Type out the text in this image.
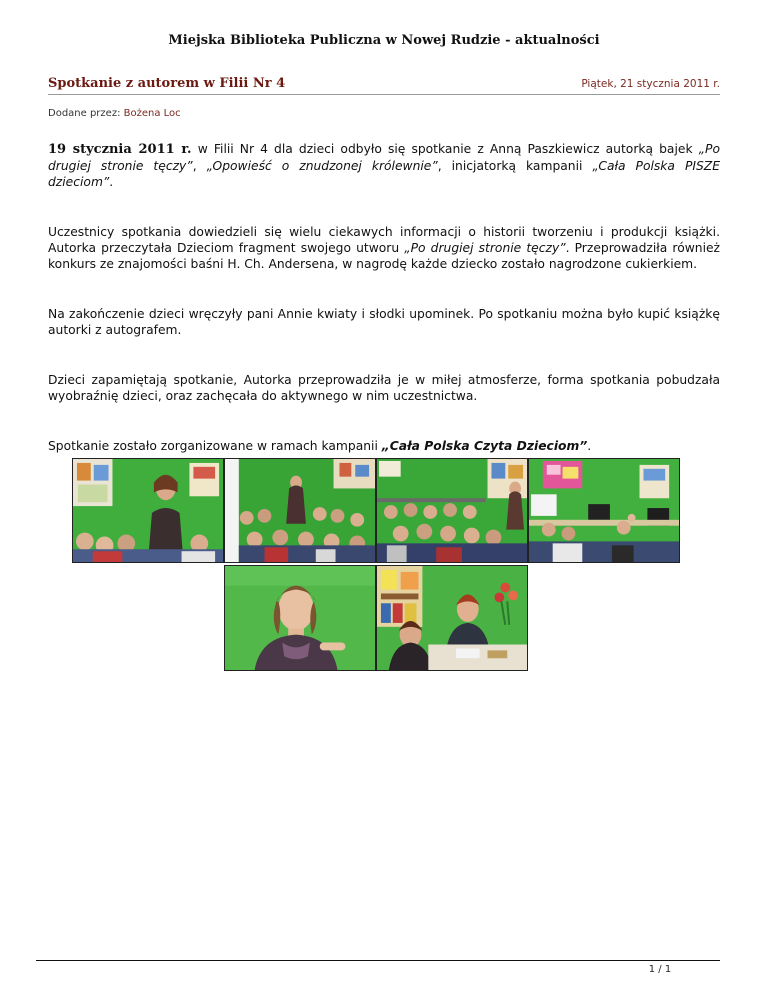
Miejska Biblioteka Publiczna w Nowej Rudzie - aktualności
Spotkanie z autorem w Filii Nr 4	Piątek, 21 stycznia 2011 r.
Dodane przez: Bożena Loc

19 stycznia 2011 r. w Filii Nr 4 dla dzieci odbyło się spotkanie z Anną Paszkiewicz autorką bajek „Po drugiej stronie tęczy”, „Opowieść o znudzonej królewnie”, inicjatorką kampanii „Cała Polska PISZE dzieciom”.

Uczestnicy spotkania dowiedzieli się wielu ciekawych informacji o historii tworzeniu i produkcji książki. Autorka przeczytała Dzieciom fragment swojego utworu „Po drugiej stronie tęczy”. Przeprowadziła również konkurs ze znajomości baśni H. Ch. Andersena, w nagrodę każde dziecko zostało nagrodzone cukierkiem.

Na zakończenie dzieci wręczyły pani Annie kwiaty i słodki upominek. Po spotkaniu można było kupić książkę autorki z autografem.

Dzieci zapamiętają spotkanie, Autorka przeprowadziła je w miłej atmosferze, forma spotkania pobudzała wyobraźnię dzieci, oraz zachęcała do aktywnego w nim uczestnictwa.

Spotkanie zostało zorganizowane w ramach kampanii „Cała Polska Czyta Dzieciom”.

1 / 1
